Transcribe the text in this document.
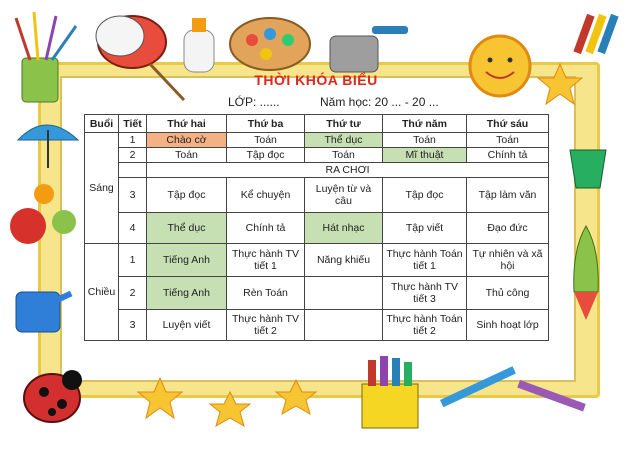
THỜI KHÓA BIỂU
LỚP: ......	Năm học: 20 ... - 20 ...
Buổi	Tiết	Thứ hai	Thứ ba	Thứ tư	Thứ năm	Thứ sáu
Sáng	1	Chào cờ	Toán	Thể dục	Toán	Toán
	2	Toán	Tập đọc	Toán	Mĩ thuật	Chính tả
		RA CHƠI				
	3	Tập đọc	Kể chuyện	Luyện từ và câu	Tập đọc	Tập làm văn
	4	Thể dục	Chính tả	Hát nhạc	Tập viết	Đạo đức
Chiều	1	Tiếng Anh	Thực hành TV tiết 1	Năng khiếu	Thực hành Toán tiết 1	Tự nhiên và xã hội
	2	Tiếng Anh	Rèn Toán		Thực hành TV tiết 3	Thủ công
	3	Luyện viết	Thực hành TV tiết 2		Thực hành Toán tiết 2	Sinh hoạt lớp
